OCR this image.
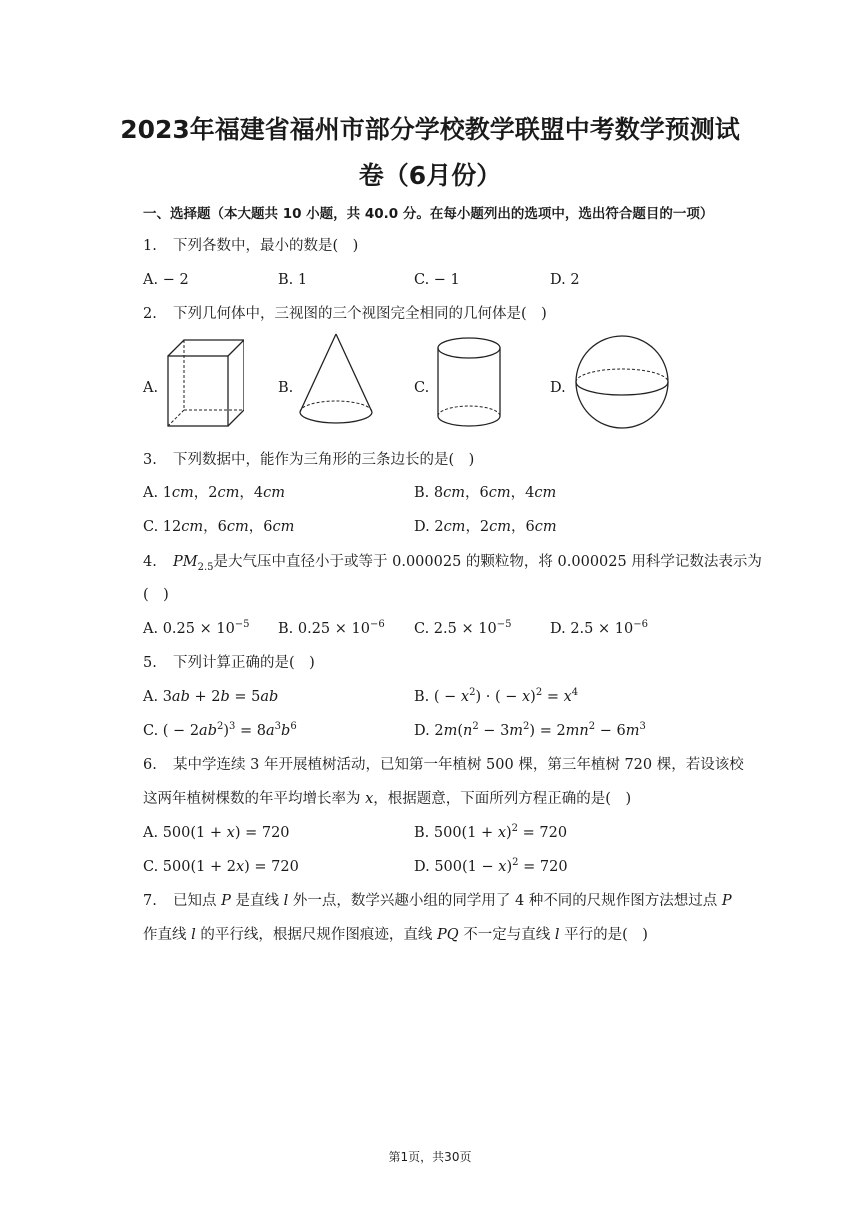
2023年福建省福州市部分学校教学联盟中考数学预测试卷（6月份）
一、选择题（本大题共 10 小题，共 40.0 分。在每小题列出的选项中，选出符合题目的一项）
1. 下列各数中，最小的数是(　)
A. − 2	B. 1	C. − 1	D. 2
2. 下列几何体中，三视图的三个视图完全相同的几何体是(　)
A.	B.	C.	D.
3. 下列数据中，能作为三角形的三条边长的是(　)
A. 1cm，2cm，4cm	B. 8cm，6cm，4cm
C. 12cm，6cm，6cm	D. 2cm，2cm，6cm
4. $PM_{2.5}$是大气压中直径小于或等于 0.000025 的颗粒物，将 0.000025 用科学记数法表示为
(　)
A. $0.25 \times 10^{-5}$ B. $0.25 \times 10^{-6}$ C. $2.5 \times 10^{-5}$	D. $2.5 \times 10^{-6}$
5. 下列计算正确的是(　)
A. 3ab + 2b = 5ab	B. ( − $x^2$) · ( − $x)^2 = x^4$
C. ( − $2ab^2)^3 = 8a^3b^6$	D. $2m(n^2 - 3m^2) = 2mn^2 - 6m^3$
6. 某中学连续 3 年开展植树活动，已知第一年植树 500 棵，第三年植树 720 棵，若设该校
这两年植树棵数的年平均增长率为 x，根据题意，下面所列方程正确的是(　)
A. 500(1 + x) = 720	B. $500(1 + x)^2 = 720$
C. 500(1 + 2x) = 720	D. $500(1 - x)^2 = 720$
7. 已知点 P 是直线 l 外一点，数学兴趣小组的同学用了 4 种不同的尺规作图方法想过点 P
作直线 l 的平行线，根据尺规作图痕迹，直线 PQ 不一定与直线 l 平行的是(　)
第1页，共30页
